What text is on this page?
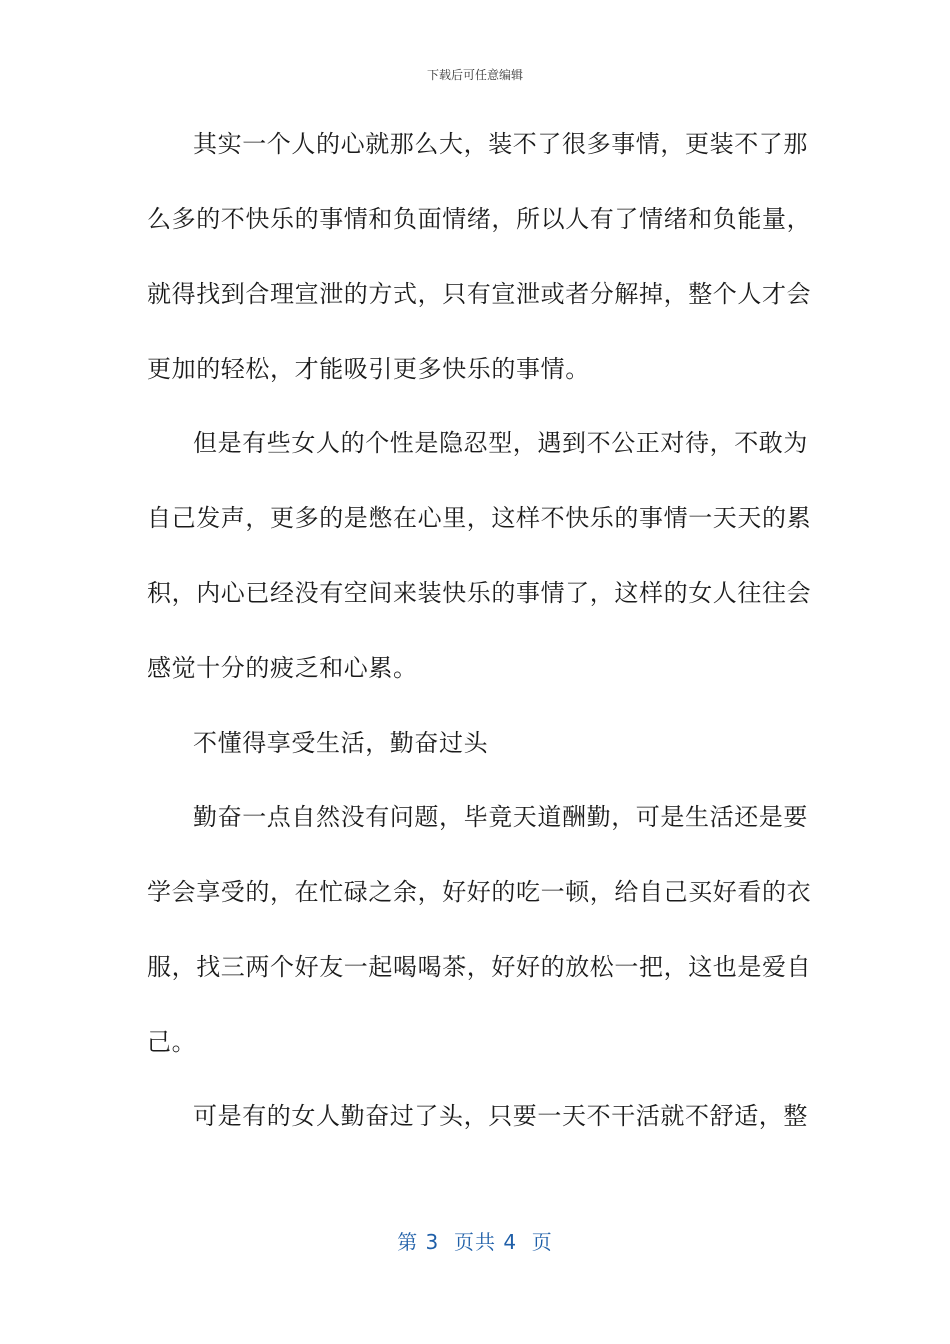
下载后可任意编辑
其实一个人的心就那么大，装不了很多事情，更装不了那
么多的不快乐的事情和负面情绪，所以人有了情绪和负能量，
就得找到合理宣泄的方式，只有宣泄或者分解掉，整个人才会
更加的轻松，才能吸引更多快乐的事情。
但是有些女人的个性是隐忍型，遇到不公正对待，不敢为
自己发声，更多的是憋在心里，这样不快乐的事情一天天的累
积，内心已经没有空间来装快乐的事情了，这样的女人往往会
感觉十分的疲乏和心累。
不懂得享受生活，勤奋过头
勤奋一点自然没有问题，毕竟天道酬勤，可是生活还是要
学会享受的，在忙碌之余，好好的吃一顿，给自己买好看的衣
服，找三两个好友一起喝喝茶，好好的放松一把，这也是爱自
己。
可是有的女人勤奋过了头，只要一天不干活就不舒适，整
第 3  页共 4  页
